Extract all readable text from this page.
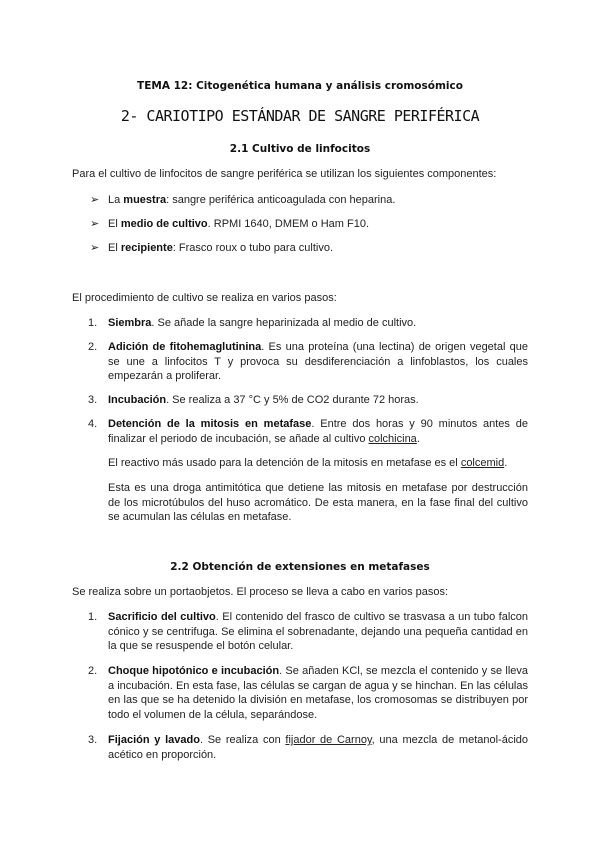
TEMA 12: Citogenética humana y análisis cromosómico
2- CARIOTIPO ESTÁNDAR DE SANGRE PERIFÉRICA
2.1 Cultivo de linfocitos
Para el cultivo de linfocitos de sangre periférica se utilizan los siguientes componentes:
➢ La muestra: sangre periférica anticoagulada con heparina.
➢ El medio de cultivo. RPMI 1640, DMEM o Ham F10.
➢ El recipiente: Frasco roux o tubo para cultivo.
El procedimiento de cultivo se realiza en varios pasos:
1. Siembra. Se añade la sangre heparinizada al medio de cultivo.
2. Adición de fitohemaglutinina. Es una proteína (una lectina) de origen vegetal que se une a linfocitos T y provoca su desdiferenciación a linfoblastos, los cuales empezarán a proliferar.
3. Incubación. Se realiza a 37 °C y 5% de CO2 durante 72 horas.
4. Detención de la mitosis en metafase. Entre dos horas y 90 minutos antes de finalizar el periodo de incubación, se añade al cultivo colchicina.
El reactivo más usado para la detención de la mitosis en metafase es el colcemid.
Esta es una droga antimitótica que detiene las mitosis en metafase por destrucción de los microtúbulos del huso acromático. De esta manera, en la fase final del cultivo se acumulan las células en metafase.
2.2 Obtención de extensiones en metafases
Se realiza sobre un portaobjetos. El proceso se lleva a cabo en varios pasos:
1. Sacrificio del cultivo. El contenido del frasco de cultivo se trasvasa a un tubo falcon cónico y se centrifuga. Se elimina el sobrenadante, dejando una pequeña cantidad en la que se resuspende el botón celular.
2. Choque hipotónico e incubación. Se añaden KCl, se mezcla el contenido y se lleva a incubación. En esta fase, las células se cargan de agua y se hinchan. En las células en las que se ha detenido la división en metafase, los cromosomas se distribuyen por todo el volumen de la célula, separándose.
3. Fijación y lavado. Se realiza con fijador de Carnoy, una mezcla de metanol-ácido acético en proporción.
